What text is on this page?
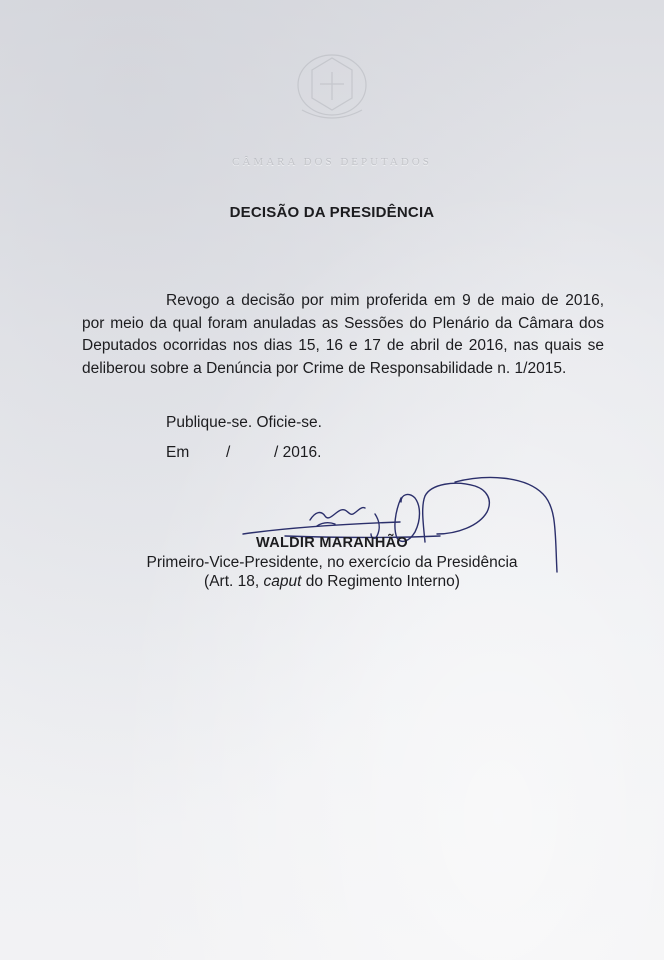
CÂMARA DOS DEPUTADOS
DECISÃO DA PRESIDÊNCIA

Revogo a decisão por mim proferida em 9 de maio de 2016, por meio da qual foram anuladas as Sessões do Plenário da Câmara dos Deputados ocorridas nos dias 15, 16 e 17 de abril de 2016, nas quais se deliberou sobre a Denúncia por Crime de Responsabilidade n. 1/2015.

Publique-se. Oficie-se.
Em /	/ 2016.
WALDIR MARANHÃO
Primeiro-Vice-Presidente, no exercício da Presidência
(Art. 18, caput do Regimento Interno)
